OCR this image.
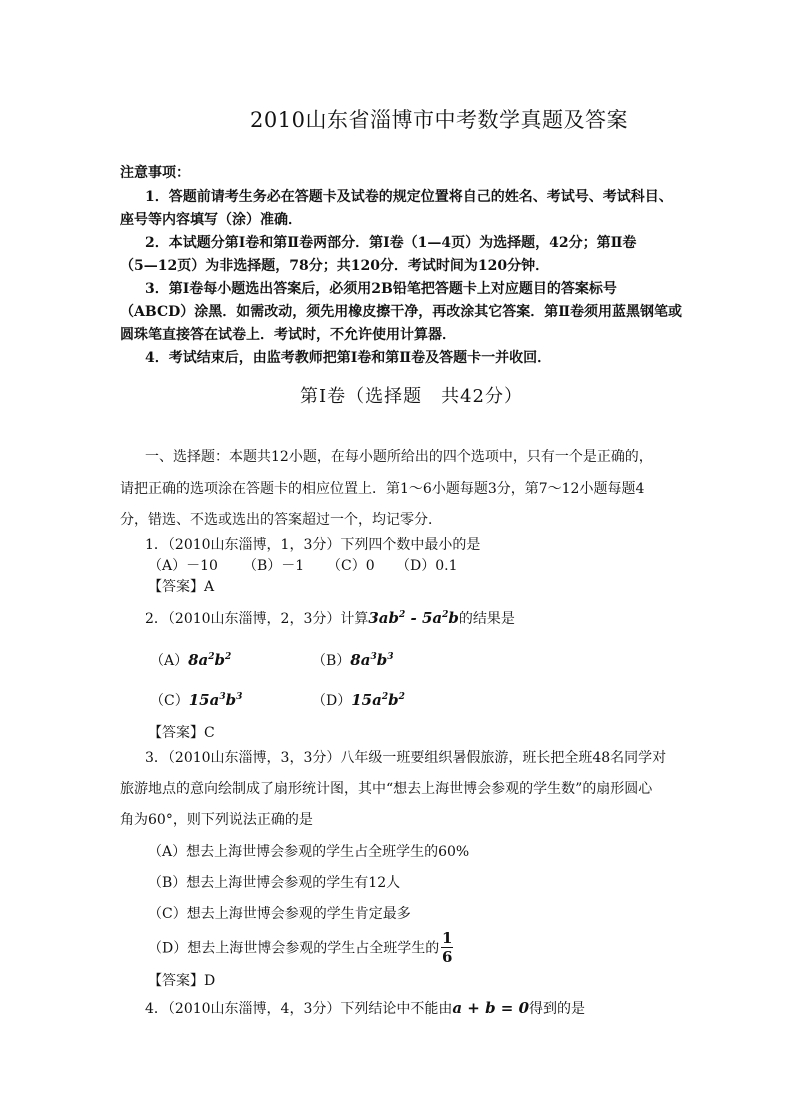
2010山东省淄博市中考数学真题及答案
注意事项：
1．答题前请考生务必在答题卡及试卷的规定位置将自己的姓名、考试号、考试科目、
座号等内容填写（涂）准确．
2．本试题分第Ⅰ卷和第Ⅱ卷两部分．第Ⅰ卷（1—4页）为选择题，42分；第Ⅱ卷
（5—12页）为非选择题，78分；共120分．考试时间为120分钟．
3．第Ⅰ卷每小题选出答案后，必须用2B铅笔把答题卡上对应题目的答案标号
（ABCD）涂黑．如需改动，须先用橡皮擦干净，再改涂其它答案．第Ⅱ卷须用蓝黑钢笔或
圆珠笔直接答在试卷上．考试时，不允许使用计算器．
4．考试结束后，由监考教师把第Ⅰ卷和第Ⅱ卷及答题卡一并收回．
第Ⅰ卷（选择题　共42分）
一、选择题：本题共12小题，在每小题所给出的四个选项中，只有一个是正确的，
请把正确的选项涂在答题卡的相应位置上．第1～6小题每题3分，第7～12小题每题4
分，错选、不选或选出的答案超过一个，均记零分．
1．（2010山东淄博，1，3分）下列四个数中最小的是
（A）－10 （B）－1 （C）0 （D）0.1
【答案】A
2．（2010山东淄博，2，3分）计算$3ab^2 - 5a^2b$的结果是
$(A)8a^2b^2$	$(B)8a^3b^3$
$(C)15a^3b^3$	$(D)15a^2b^2$
【答案】C
3．（2010山东淄博，3，3分）八年级一班要组织暑假旅游，班长把全班48名同学对
旅游地点的意向绘制成了扇形统计图，其中“想去上海世博会参观的学生数”的扇形圆心
角为60°，则下列说法正确的是
（A）想去上海世博会参观的学生占全班学生的60%
（B）想去上海世博会参观的学生有12人
（C）想去上海世博会参观的学生肯定最多
（D）想去上海世博会参观的学生占全班学生的 $\frac{1}{6}$
【答案】D
4．（2010山东淄博，4，3分）下列结论中不能由a + b = 0得到的是
